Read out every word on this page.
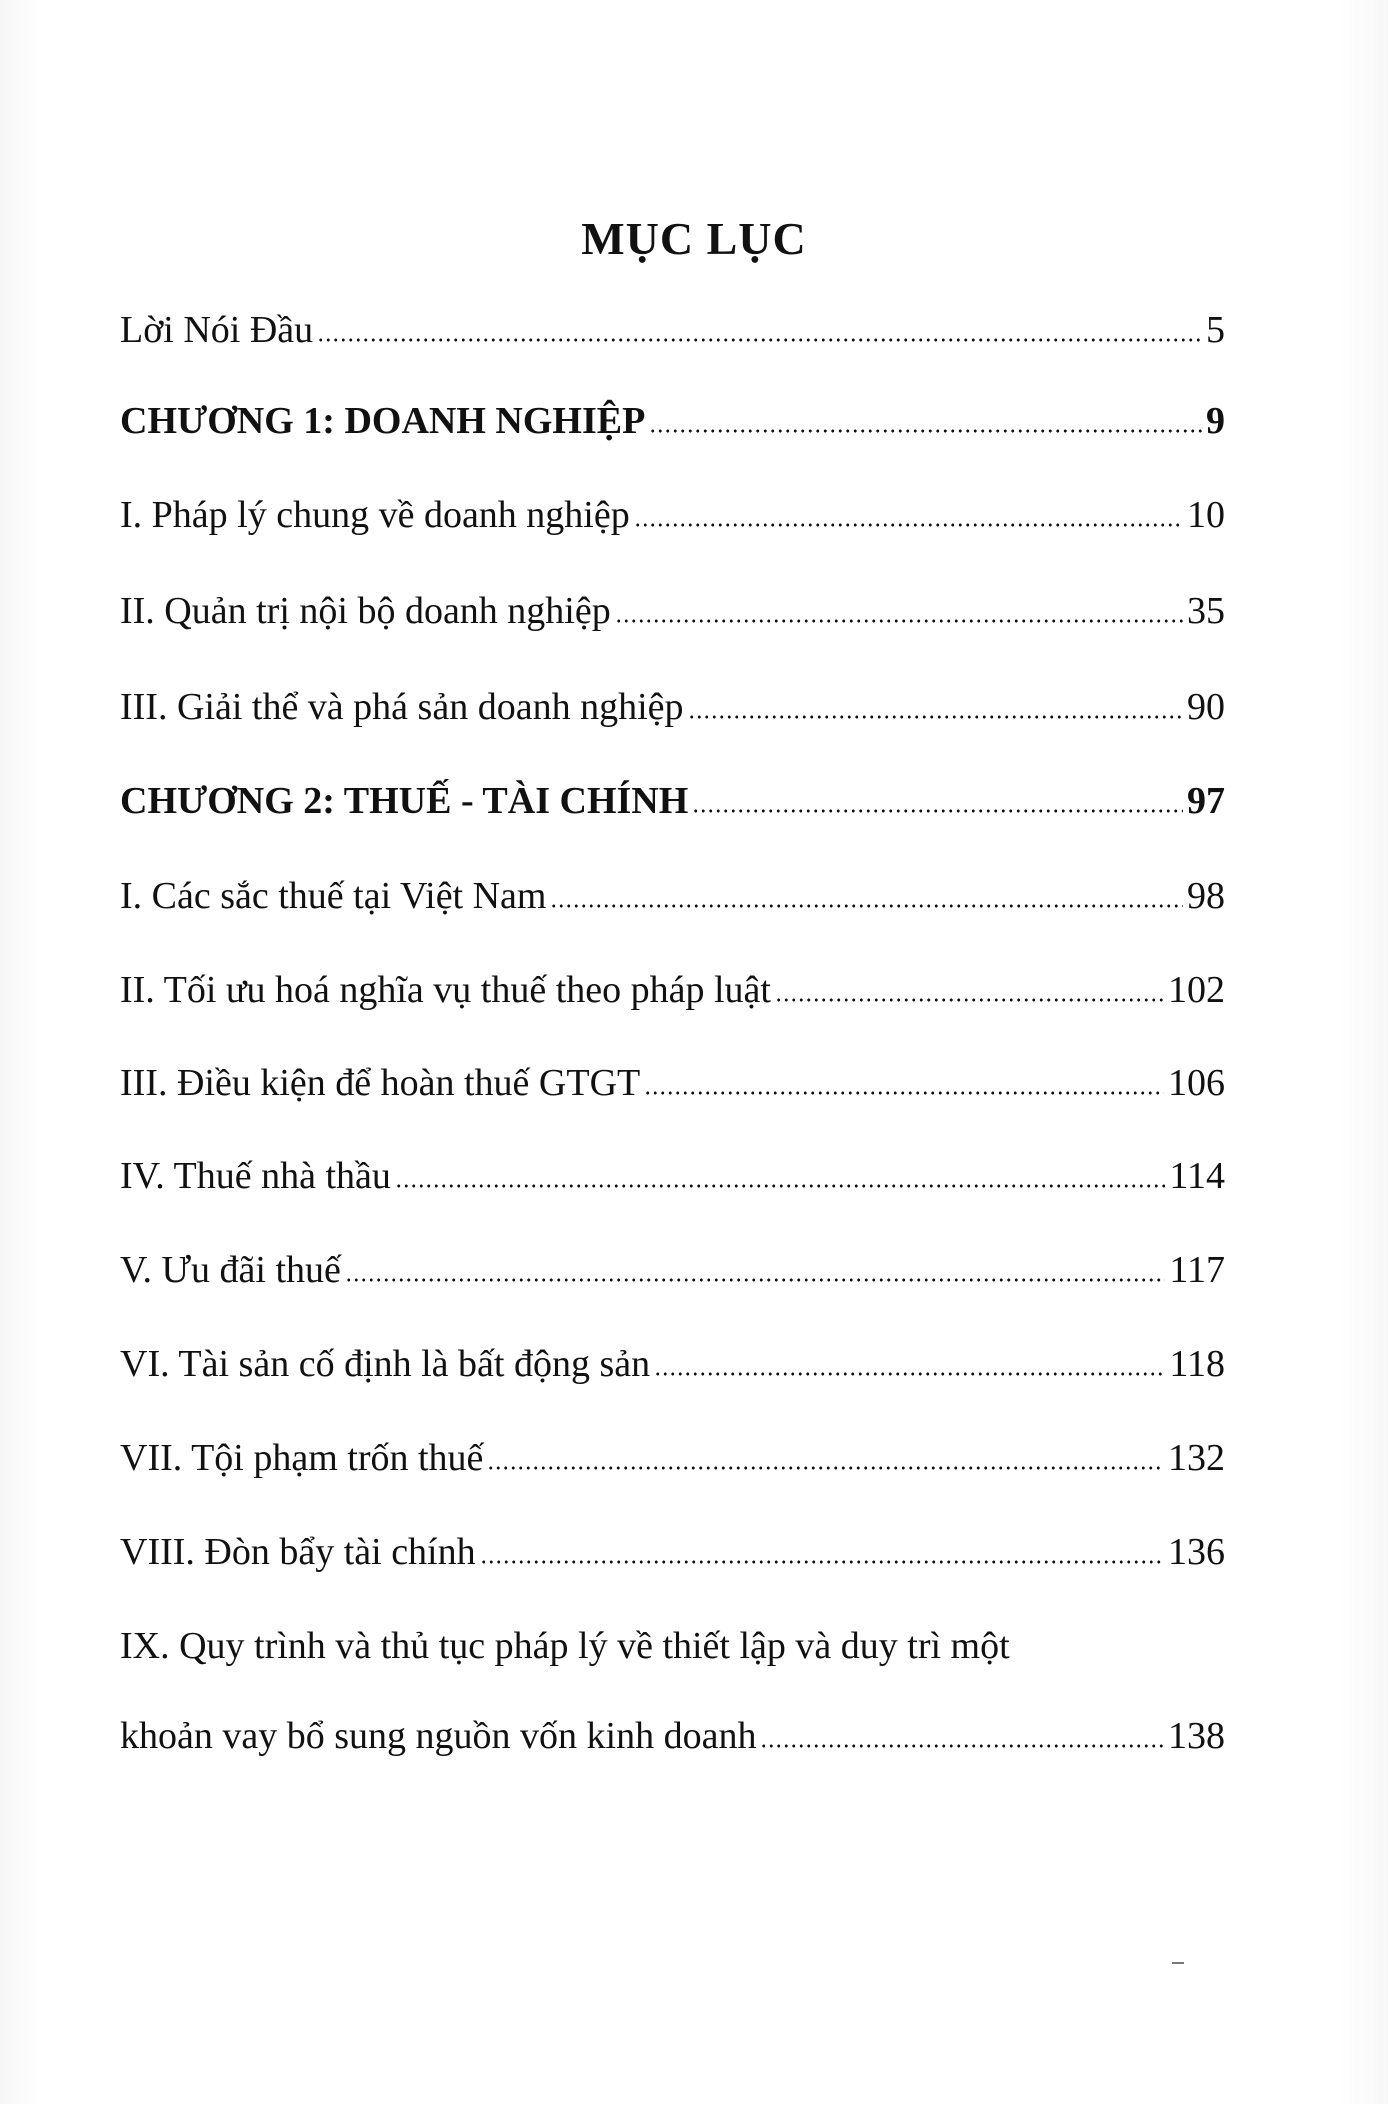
MỤC LỤC
Lời Nói Đầu	5
CHƯƠNG 1: DOANH NGHIỆP	9
I. Pháp lý chung về doanh nghiệp	10
II. Quản trị nội bộ doanh nghiệp	35
III. Giải thể và phá sản doanh nghiệp	90
CHƯƠNG 2: THUẾ - TÀI CHÍNH	97
I. Các sắc thuế tại Việt Nam	98
II. Tối ưu hoá nghĩa vụ thuế theo pháp luật	102
III. Điều kiện để hoàn thuế GTGT	106
IV. Thuế nhà thầu	114
V. Ưu đãi thuế	117
VI. Tài sản cố định là bất động sản	118
VII. Tội phạm trốn thuế	132
VIII. Đòn bẩy tài chính	136
IX. Quy trình và thủ tục pháp lý về thiết lập và duy trì một
khoản vay bổ sung nguồn vốn kinh doanh	138
